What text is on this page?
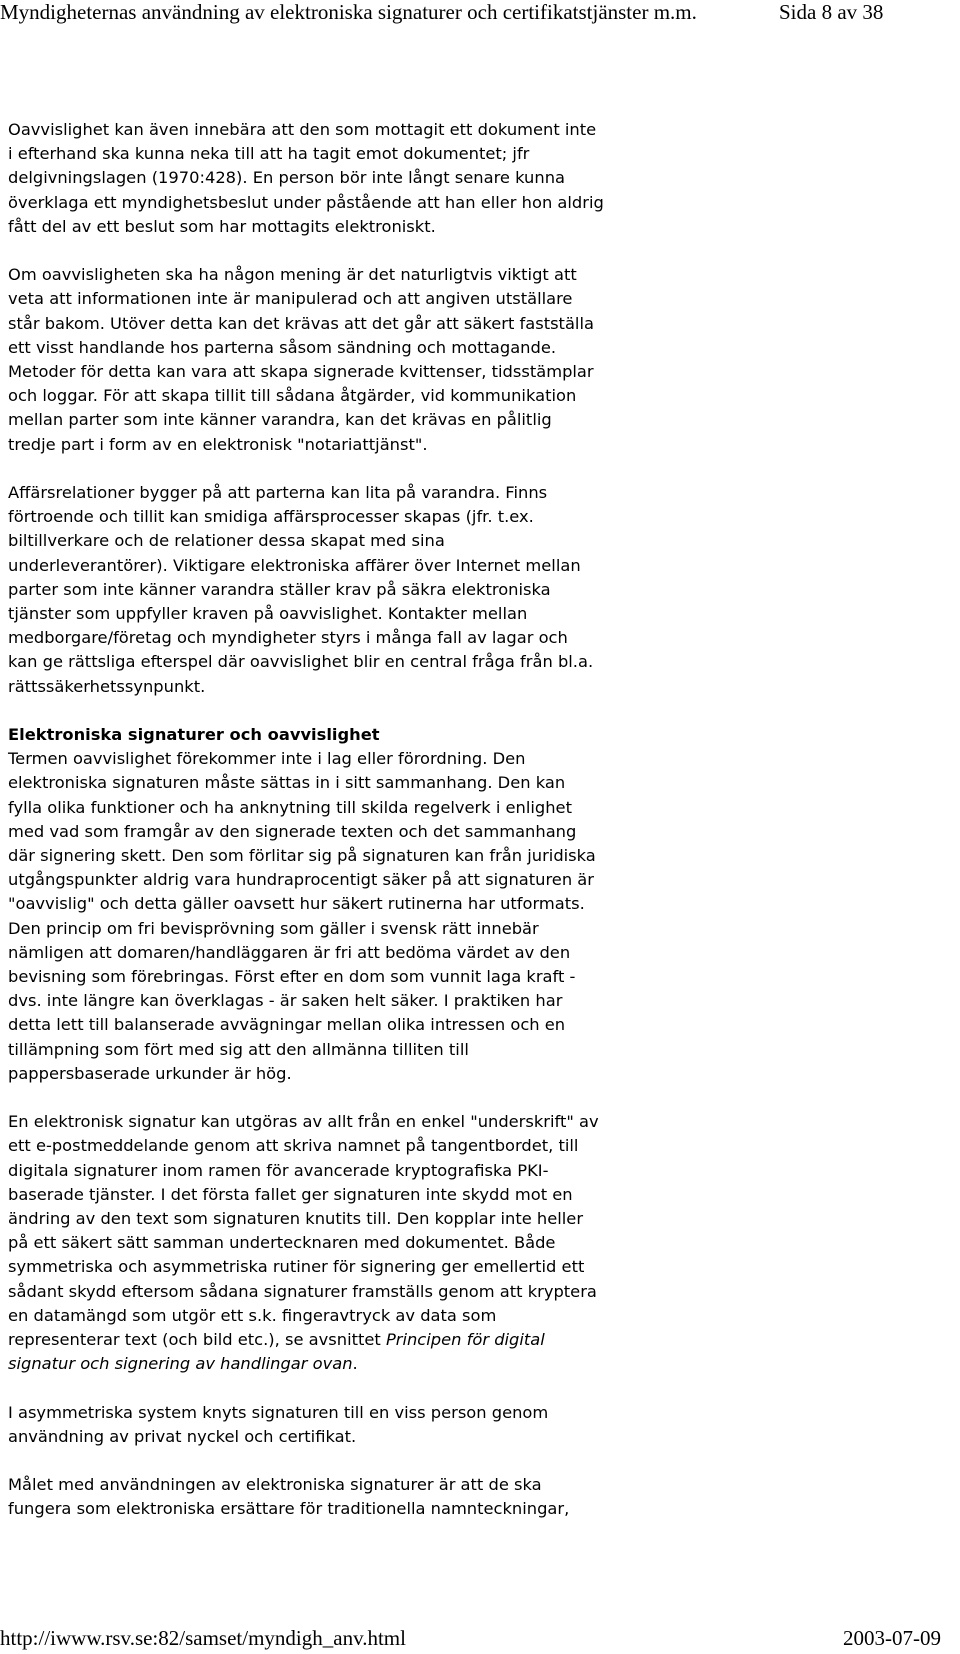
Myndigheternas användning av elektroniska signaturer och certifikatstjänster m.m.	Sida 8 av 38

Oavvislighet kan även innebära att den som mottagit ett dokument inte
i efterhand ska kunna neka till att ha tagit emot dokumentet; jfr
delgivningslagen (1970:428). En person bör inte långt senare kunna
överklaga ett myndighetsbeslut under påstående att han eller hon aldrig
fått del av ett beslut som har mottagits elektroniskt.

Om oavvisligheten ska ha någon mening är det naturligtvis viktigt att
veta att informationen inte är manipulerad och att angiven utställare
står bakom. Utöver detta kan det krävas att det går att säkert fastställa
ett visst handlande hos parterna såsom sändning och mottagande.
Metoder för detta kan vara att skapa signerade kvittenser, tidsstämplar
och loggar. För att skapa tillit till sådana åtgärder, vid kommunikation
mellan parter som inte känner varandra, kan det krävas en pålitlig
tredje part i form av en elektronisk "notariattjänst".

Affärsrelationer bygger på att parterna kan lita på varandra. Finns
förtroende och tillit kan smidiga affärsprocesser skapas (jfr. t.ex.
biltillverkare och de relationer dessa skapat med sina
underleverantörer). Viktigare elektroniska affärer över Internet mellan
parter som inte känner varandra ställer krav på säkra elektroniska
tjänster som uppfyller kraven på oavvislighet. Kontakter mellan
medborgare/företag och myndigheter styrs i många fall av lagar och
kan ge rättsliga efterspel där oavvislighet blir en central fråga från bl.a.
rättssäkerhetssynpunkt.

Elektroniska signaturer och oavvislighet
Termen oavvislighet förekommer inte i lag eller förordning. Den
elektroniska signaturen måste sättas in i sitt sammanhang. Den kan
fylla olika funktioner och ha anknytning till skilda regelverk i enlighet
med vad som framgår av den signerade texten och det sammanhang
där signering skett. Den som förlitar sig på signaturen kan från juridiska
utgångspunkter aldrig vara hundraprocentigt säker på att signaturen är
"oavvislig" och detta gäller oavsett hur säkert rutinerna har utformats.
Den princip om fri bevisprövning som gäller i svensk rätt innebär
nämligen att domaren/handläggaren är fri att bedöma värdet av den
bevisning som förebringas. Först efter en dom som vunnit laga kraft -
dvs. inte längre kan överklagas - är saken helt säker. I praktiken har
detta lett till balanserade avvägningar mellan olika intressen och en
tillämpning som fört med sig att den allmänna tilliten till
pappersbaserade urkunder är hög.

En elektronisk signatur kan utgöras av allt från en enkel "underskrift" av
ett e-postmeddelande genom att skriva namnet på tangentbordet, till
digitala signaturer inom ramen för avancerade kryptografiska PKI-
baserade tjänster. I det första fallet ger signaturen inte skydd mot en
ändring av den text som signaturen knutits till. Den kopplar inte heller
på ett säkert sätt samman undertecknaren med dokumentet. Både
symmetriska och asymmetriska rutiner för signering ger emellertid ett
sådant skydd eftersom sådana signaturer framställs genom att kryptera
en datamängd som utgör ett s.k. fingeravtryck av data som
representerar text (och bild etc.), se avsnittet Principen för digital
signatur och signering av handlingar ovan.

I asymmetriska system knyts signaturen till en viss person genom
användning av privat nyckel och certifikat.

Målet med användningen av elektroniska signaturer är att de ska
fungera som elektroniska ersättare för traditionella namnteckningar,

http://iwww.rsv.se:82/samset/myndigh_anv.html	2003-07-09
